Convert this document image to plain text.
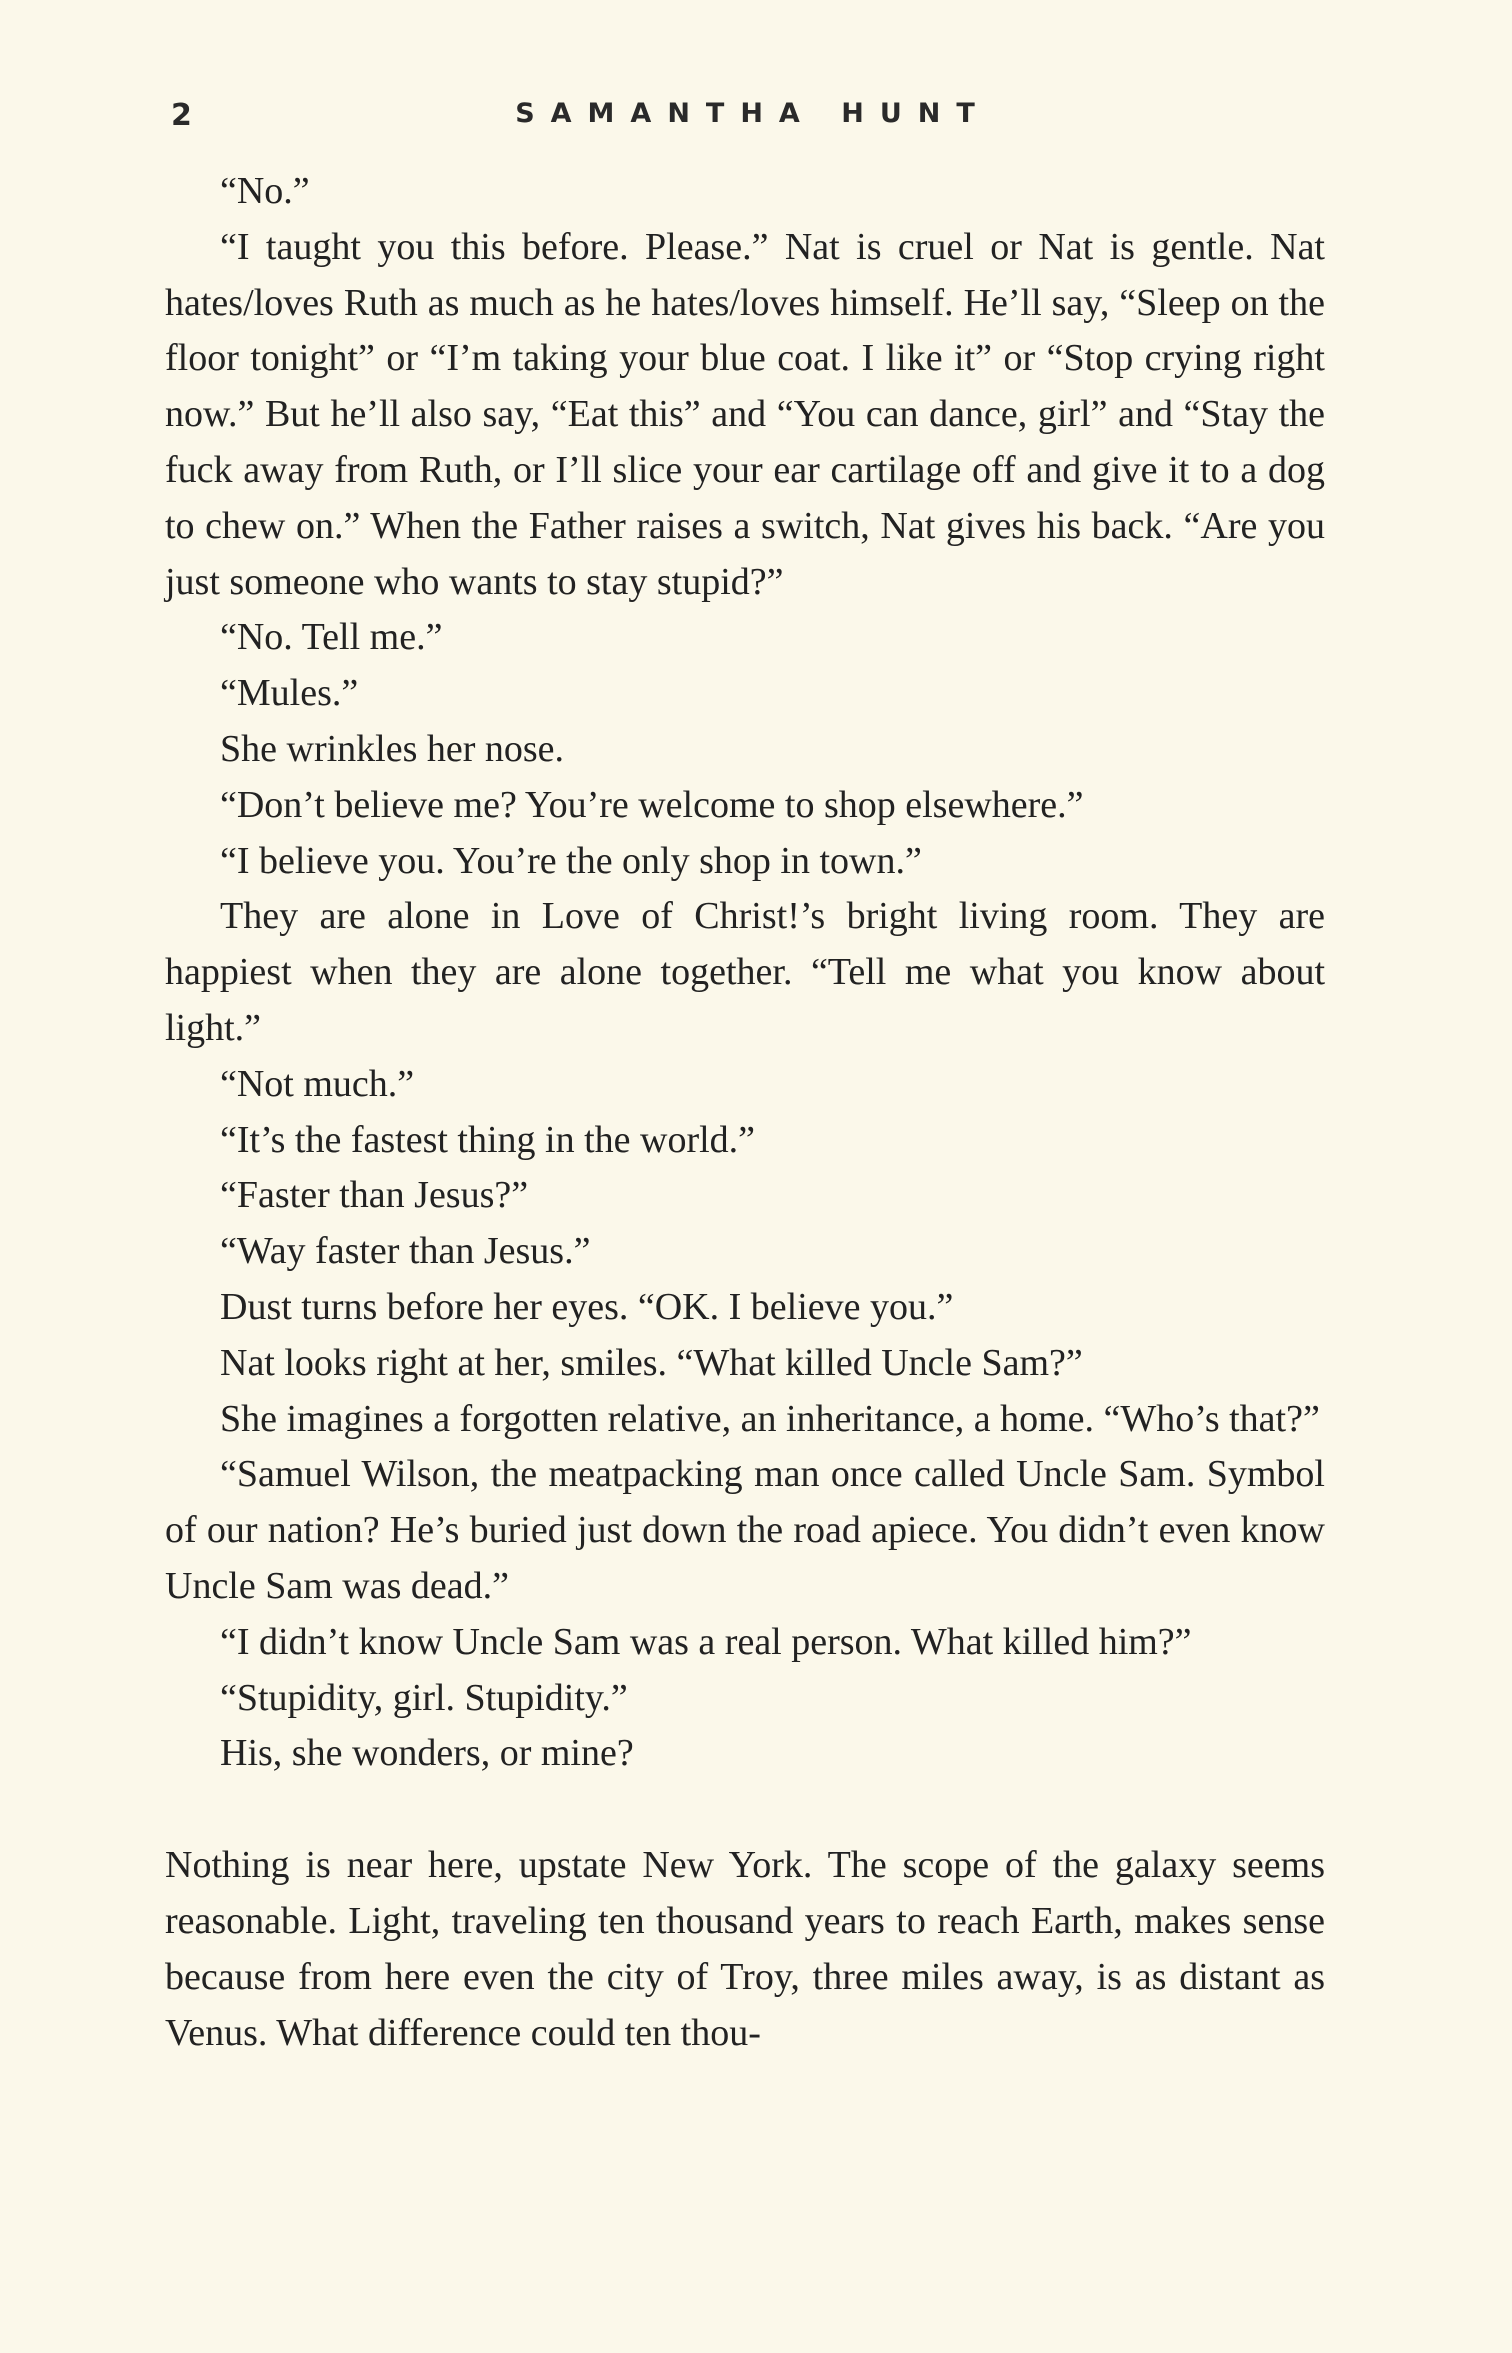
2	SAMANTHA HUNT

“No.”

“I taught you this before. Please.” Nat is cruel or Nat is gentle. Nat hates/loves Ruth as much as he hates/loves himself. He’ll say, “Sleep on the floor tonight” or “I’m taking your blue coat. I like it” or “Stop crying right now.” But he’ll also say, “Eat this” and “You can dance, girl” and “Stay the fuck away from Ruth, or I’ll slice your ear cartilage off and give it to a dog to chew on.” When the Father raises a switch, Nat gives his back. “Are you just someone who wants to stay stupid?”

“No. Tell me.”

“Mules.”

She wrinkles her nose.

“Don’t believe me? You’re welcome to shop elsewhere.”

“I believe you. You’re the only shop in town.”

They are alone in Love of Christ!’s bright living room. They are happiest when they are alone together. “Tell me what you know about light.”

“Not much.”

“It’s the fastest thing in the world.”

“Faster than Jesus?”

“Way faster than Jesus.”

Dust turns before her eyes. “OK. I believe you.”

Nat looks right at her, smiles. “What killed Uncle Sam?”

She imagines a forgotten relative, an inheritance, a home. “Who’s that?”

“Samuel Wilson, the meatpacking man once called Uncle Sam. Symbol of our nation? He’s buried just down the road apiece. You didn’t even know Uncle Sam was dead.”

“I didn’t know Uncle Sam was a real person. What killed him?”

“Stupidity, girl. Stupidity.”

His, she wonders, or mine?

Nothing is near here, upstate New York. The scope of the galaxy seems reasonable. Light, traveling ten thousand years to reach Earth, makes sense because from here even the city of Troy, three miles away, is as distant as Venus. What difference could ten thou-
